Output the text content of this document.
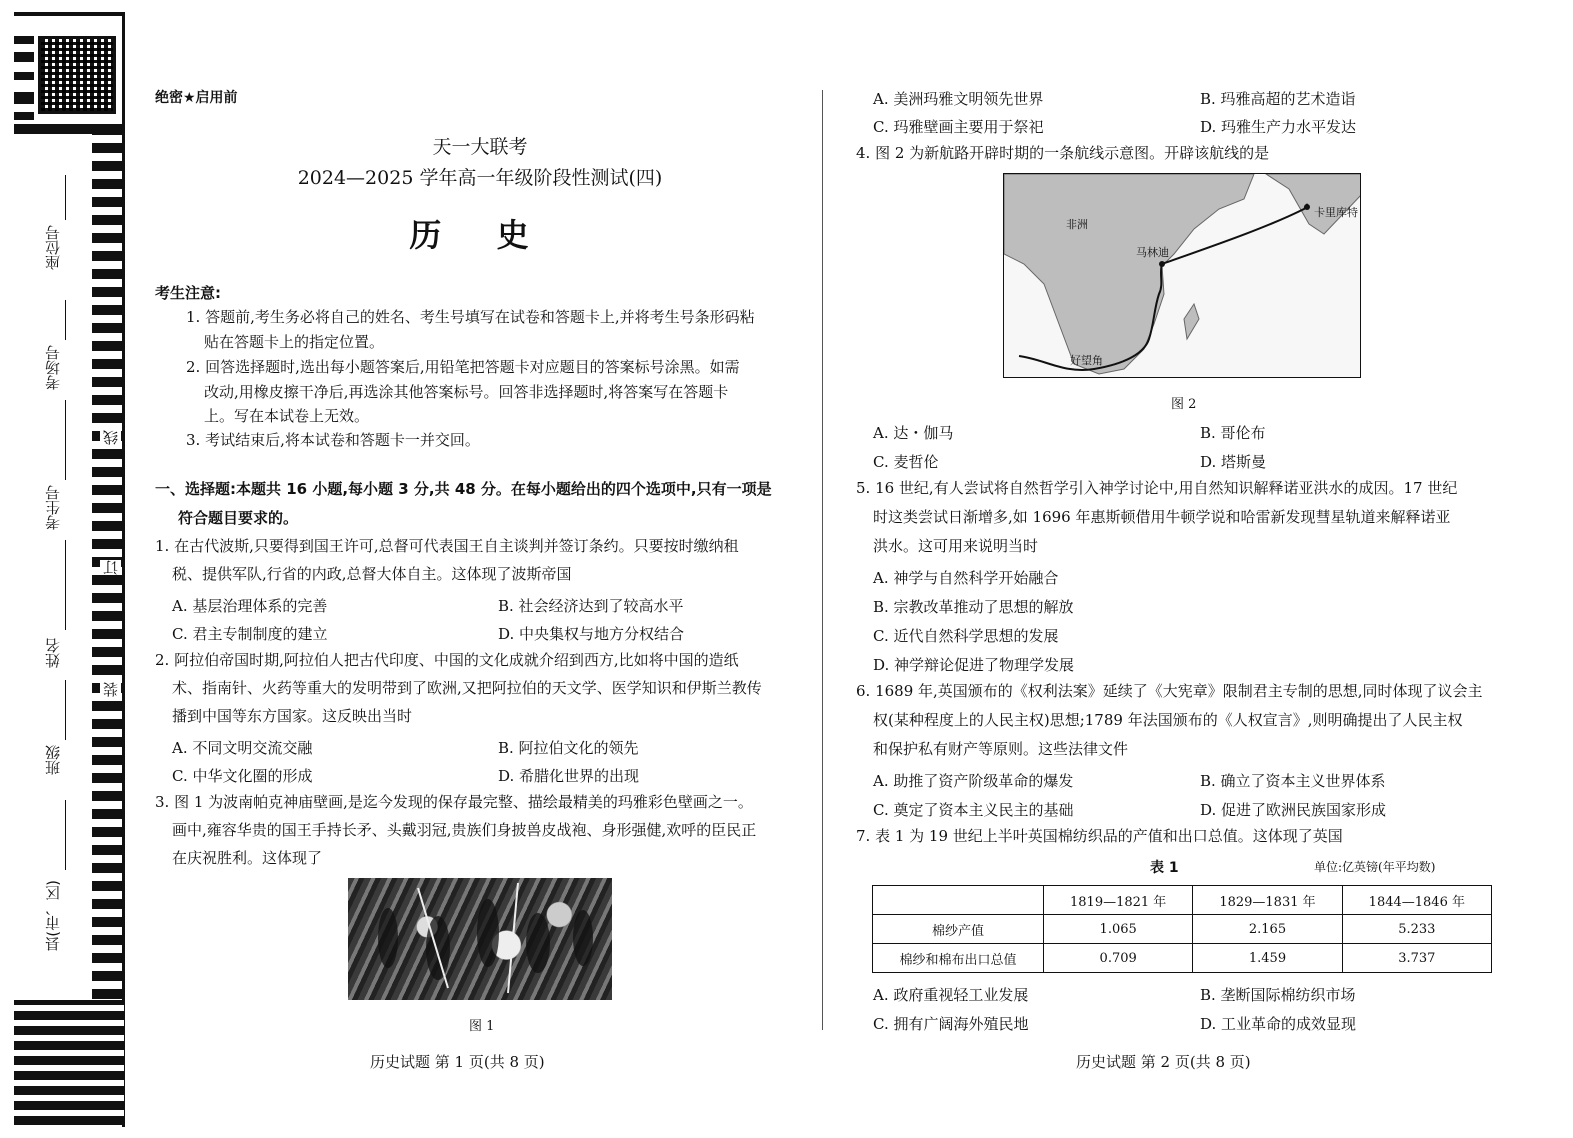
座位号
考场号
考生号
姓名
班级
县(市、区)
线
订
装
绝密★启用前
天一大联考
2024—2025 学年高一年级阶段性测试(四)
历 史
考生注意:
1. 答题前,考生务必将自己的姓名、考生号填写在试卷和答题卡上,并将考生号条形码粘
贴在答题卡上的指定位置。
2. 回答选择题时,选出每小题答案后,用铅笔把答题卡对应题目的答案标号涂黑。如需
改动,用橡皮擦干净后,再选涂其他答案标号。回答非选择题时,将答案写在答题卡
上。写在本试卷上无效。
3. 考试结束后,将本试卷和答题卡一并交回。
一、选择题:本题共 16 小题,每小题 3 分,共 48 分。在每小题给出的四个选项中,只有一项是
符合题目要求的。
1. 在古代波斯,只要得到国王许可,总督可代表国王自主谈判并签订条约。只要按时缴纳租
税、提供军队,行省的内政,总督大体自主。这体现了波斯帝国
A. 基层治理体系的完善	B. 社会经济达到了较高水平
C. 君主专制制度的建立	D. 中央集权与地方分权结合
2. 阿拉伯帝国时期,阿拉伯人把古代印度、中国的文化成就介绍到西方,比如将中国的造纸
术、指南针、火药等重大的发明带到了欧洲,又把阿拉伯的天文学、医学知识和伊斯兰教传
播到中国等东方国家。这反映出当时
A. 不同文明交流交融	B. 阿拉伯文化的领先
C. 中华文化圈的形成	D. 希腊化世界的出现
3. 图 1 为波南帕克神庙壁画,是迄今发现的保存最完整、描绘最精美的玛雅彩色壁画之一。
画中,雍容华贵的国王手持长矛、头戴羽冠,贵族们身披兽皮战袍、身形强健,欢呼的臣民正
在庆祝胜利。这体现了
图 1
历史试题 第 1 页(共 8 页)
A. 美洲玛雅文明领先世界	B. 玛雅高超的艺术造诣
C. 玛雅壁画主要用于祭祀	D. 玛雅生产力水平发达
4. 图 2 为新航路开辟时期的一条航线示意图。开辟该航线的是
非洲
卡里库特
马林迪
好望角
图 2
A. 达・伽马	B. 哥伦布
C. 麦哲伦	D. 塔斯曼
5. 16 世纪,有人尝试将自然哲学引入神学讨论中,用自然知识解释诺亚洪水的成因。17 世纪
时这类尝试日渐增多,如 1696 年惠斯顿借用牛顿学说和哈雷新发现彗星轨道来解释诺亚
洪水。这可用来说明当时
A. 神学与自然科学开始融合
B. 宗教改革推动了思想的解放
C. 近代自然科学思想的发展
D. 神学辩论促进了物理学发展
6. 1689 年,英国颁布的《权利法案》延续了《大宪章》限制君主专制的思想,同时体现了议会主
权(某种程度上的人民主权)思想;1789 年法国颁布的《人权宣言》,则明确提出了人民主权
和保护私有财产等原则。这些法律文件
A. 助推了资产阶级革命的爆发	B. 确立了资本主义世界体系
C. 奠定了资本主义民主的基础	D. 促进了欧洲民族国家形成
7. 表 1 为 19 世纪上半叶英国棉纺织品的产值和出口总值。这体现了英国
表 1	单位:亿英镑(年平均数)
	1819—1821 年	1829—1831 年	1844—1846 年
棉纱产值	1.065	2.165	5.233
棉纱和棉布出口总值	0.709	1.459	3.737
A. 政府重视轻工业发展	B. 垄断国际棉纺织市场
C. 拥有广阔海外殖民地	D. 工业革命的成效显现
历史试题 第 2 页(共 8 页)
